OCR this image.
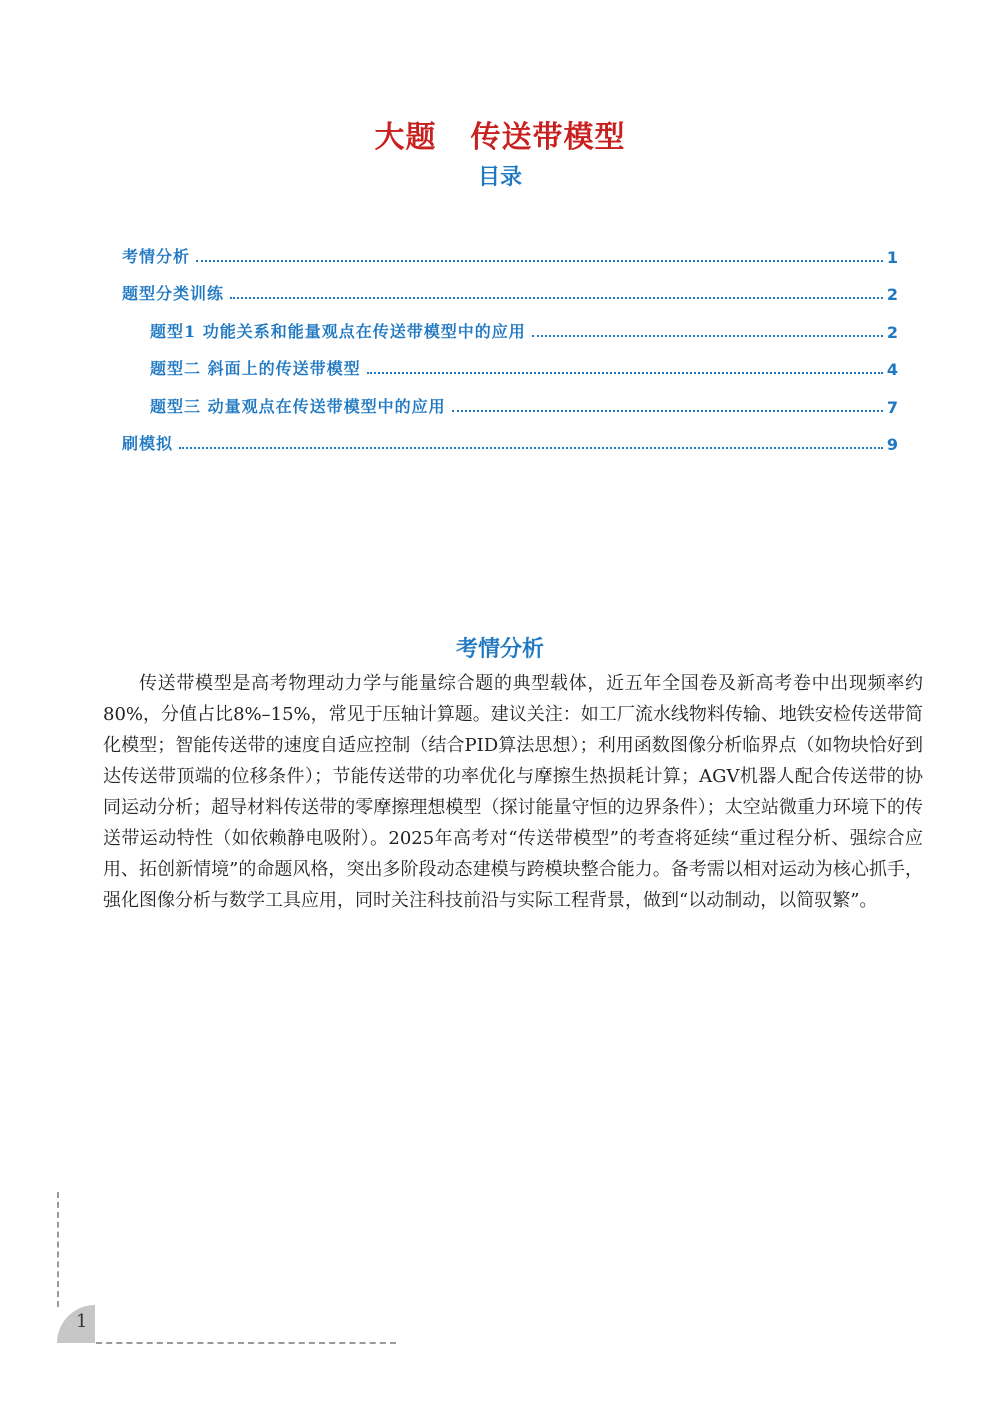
大题 传送带模型
目录
考情分析	1
题型分类训练	2
题型1 功能关系和能量观点在传送带模型中的应用	2
题型二 斜面上的传送带模型	4
题型三 动量观点在传送带模型中的应用	7
刷模拟	9
考情分析

传送带模型是高考物理动力学与能量综合题的典型载体，近五年全国卷及新高考卷中出现频率约80%，分值占比8%–15%，常见于压轴计算题。建议关注：如工厂流水线物料传输、地铁安检传送带简化模型；智能传送带的速度自适应控制（结合PID算法思想）；利用函数图像分析临界点（如物块恰好到达传送带顶端的位移条件）；节能传送带的功率优化与摩擦生热损耗计算；AGV机器人配合传送带的协同运动分析；超导材料传送带的零摩擦理想模型（探讨能量守恒的边界条件）；太空站微重力环境下的传送带运动特性（如依赖静电吸附）。2025年高考对“传送带模型”的考查将延续“重过程分析、强综合应用、拓创新情境”的命题风格，突出多阶段动态建模与跨模块整合能力。备考需以相对运动为核心抓手，强化图像分析与数学工具应用，同时关注科技前沿与实际工程背景，做到“以动制动，以简驭繁”。

1
